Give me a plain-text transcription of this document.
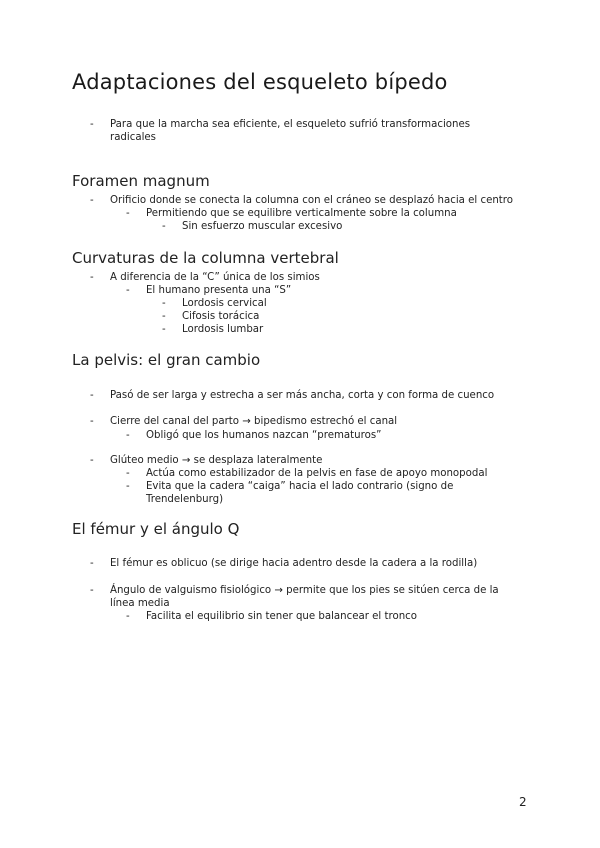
Adaptaciones del esqueleto bípedo
- Para que la marcha sea eficiente, el esqueleto sufrió transformaciones
radicales
Foramen magnum
- Orificio donde se conecta la columna con el cráneo se desplazó hacia el centro
- Permitiendo que se equilibre verticalmente sobre la columna
- Sin esfuerzo muscular excesivo
Curvaturas de la columna vertebral
- A diferencia de la “C” única de los simios
- El humano presenta una “S”
- Lordosis cervical
- Cifosis torácica
- Lordosis lumbar
La pelvis: el gran cambio
- Pasó de ser larga y estrecha a ser más ancha, corta y con forma de cuenco
- Cierre del canal del parto → bipedismo estrechó el canal
- Obligó que los humanos nazcan “prematuros”
- Glúteo medio → se desplaza lateralmente
- Actúa como estabilizador de la pelvis en fase de apoyo monopodal
- Evita que la cadera “caiga” hacia el lado contrario (signo de
Trendelenburg)
El fémur y el ángulo Q
- El fémur es oblicuo (se dirige hacia adentro desde la cadera a la rodilla)
- Ángulo de valguismo fisiológico → permite que los pies se sitúen cerca de la
línea media
- Facilita el equilibrio sin tener que balancear el tronco
2
